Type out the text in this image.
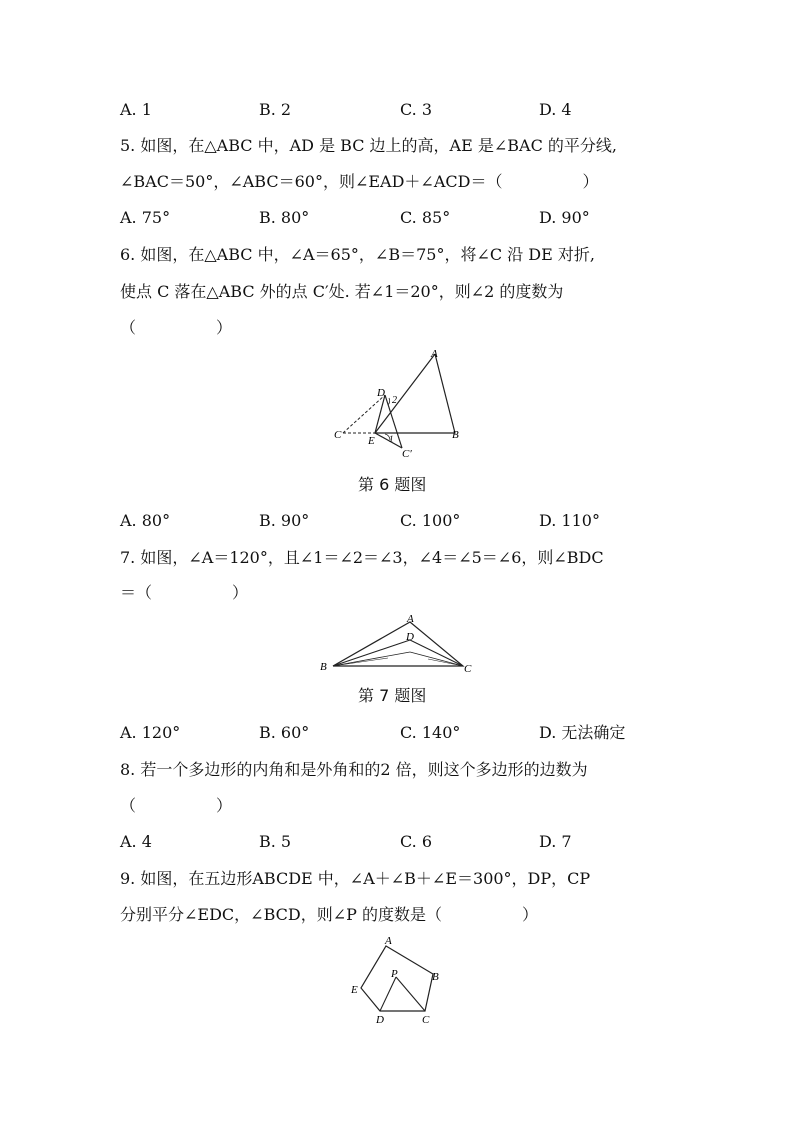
A. 1	B. 2	C. 3	D. 4
5. 如图，在△ABC 中，AD 是 BC 边上的高，AE 是∠BAC 的平分线,
∠BAC＝50°，∠ABC＝60°，则∠EAD＋∠ACD＝（　　　　　）
A. 75°	B. 80°	C. 85°	D. 90°
6. 如图，在△ABC 中，∠A＝65°，∠B＝75°，将∠C 沿 DE 对折,
使点 C 落在△ABC 外的点 C′处. 若∠1＝20°，则∠2 的度数为
（　　　　　）
A
B
C
D
E
C′
1
2
第 6 题图
A. 80°	B. 90°	C. 100°	D. 110°
7. 如图，∠A＝120°，且∠1＝∠2＝∠3，∠4＝∠5＝∠6，则∠BDC
＝（　　　　　）
A
B	C
D
第 7 题图
A. 120°	B. 60°	C. 140°	D. 无法确定
8. 若一个多边形的内角和是外角和的2 倍，则这个多边形的边数为
（　　　　　）
A. 4	B. 5	C. 6	D. 7
9. 如图，在五边形ABCDE 中，∠A＋∠B＋∠E＝300°，DP，CP
分别平分∠EDC，∠BCD，则∠P 的度数是（　　　　　）
A
B
C
D
E
P
